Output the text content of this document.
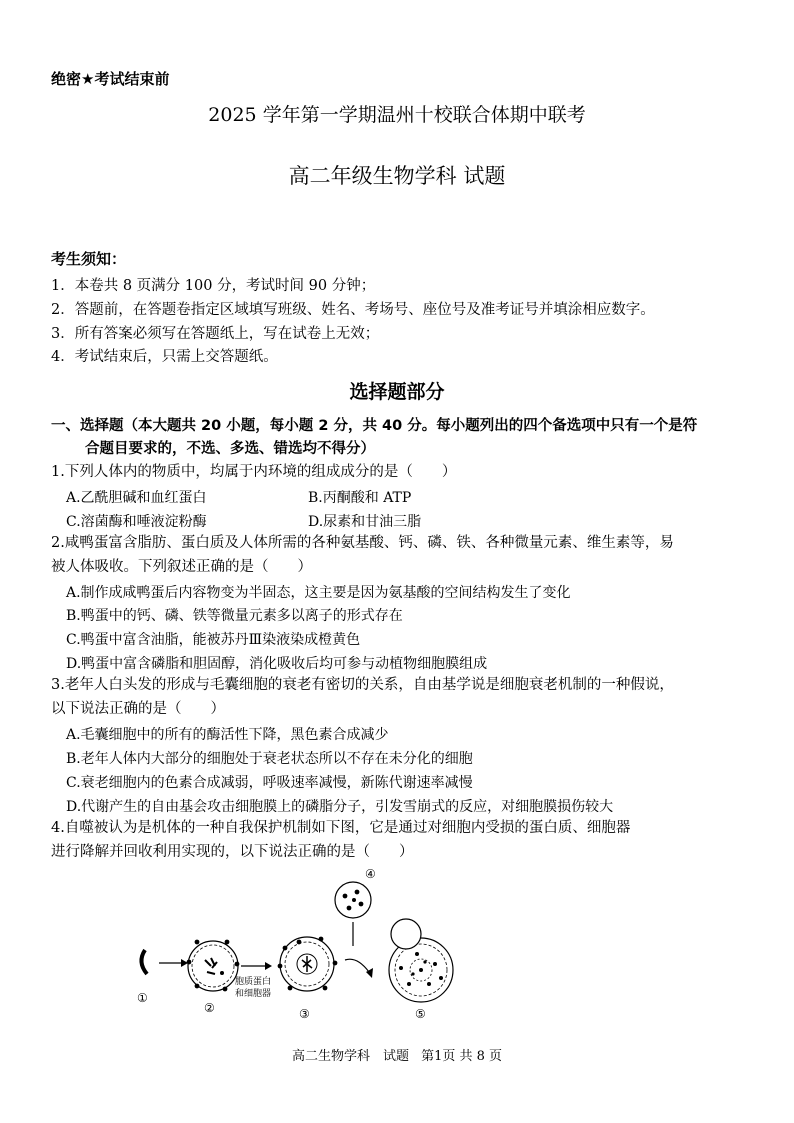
绝密★考试结束前
2025 学年第一学期温州十校联合体期中联考
高二年级生物学科 试题
考生须知：
1．本卷共 8 页满分 100 分，考试时间 90 分钟；
2．答题前，在答题卷指定区域填写班级、姓名、考场号、座位号及准考证号并填涂相应数字。
3．所有答案必须写在答题纸上，写在试卷上无效；
4．考试结束后，只需上交答题纸。
选择题部分
一、选择题（本大题共 20 小题，每小题 2 分，共 40 分。每小题列出的四个备选项中只有一个是符
合题目要求的，不选、多选、错选均不得分）
1.下列人体内的物质中，均属于内环境的组成成分的是（　　）
A.乙酰胆碱和血红蛋白	B.丙酮酸和 ATP
C.溶菌酶和唾液淀粉酶	D.尿素和甘油三脂
2.咸鸭蛋富含脂肪、蛋白质及人体所需的各种氨基酸、钙、磷、铁、各种微量元素、维生素等，易
被人体吸收。下列叙述正确的是（　　）
A.制作成咸鸭蛋后内容物变为半固态，这主要是因为氨基酸的空间结构发生了变化
B.鸭蛋中的钙、磷、铁等微量元素多以离子的形式存在
C.鸭蛋中富含油脂，能被苏丹Ⅲ染液染成橙黄色
D.鸭蛋中富含磷脂和胆固醇，消化吸收后均可参与动植物细胞膜组成
3.老年人白头发的形成与毛囊细胞的衰老有密切的关系，自由基学说是细胞衰老机制的一种假说，
以下说法正确的是（　　）
A.毛囊细胞中的所有的酶活性下降，黑色素合成减少
B.老年人体内大部分的细胞处于衰老状态所以不存在未分化的细胞
C.衰老细胞内的色素合成减弱，呼吸速率减慢，新陈代谢速率减慢
D.代谢产生的自由基会攻击细胞膜上的磷脂分子，引发雪崩式的反应，对细胞膜损伤较大
4.自噬被认为是机体的一种自我保护机制如下图，它是通过对细胞内受损的蛋白质、细胞器
进行降解并回收利用实现的，以下说法正确的是（　　）
①
②
胞质蛋白
和细胞器
③
④
⑤
高二生物学科　试题 第1页 共 8 页
